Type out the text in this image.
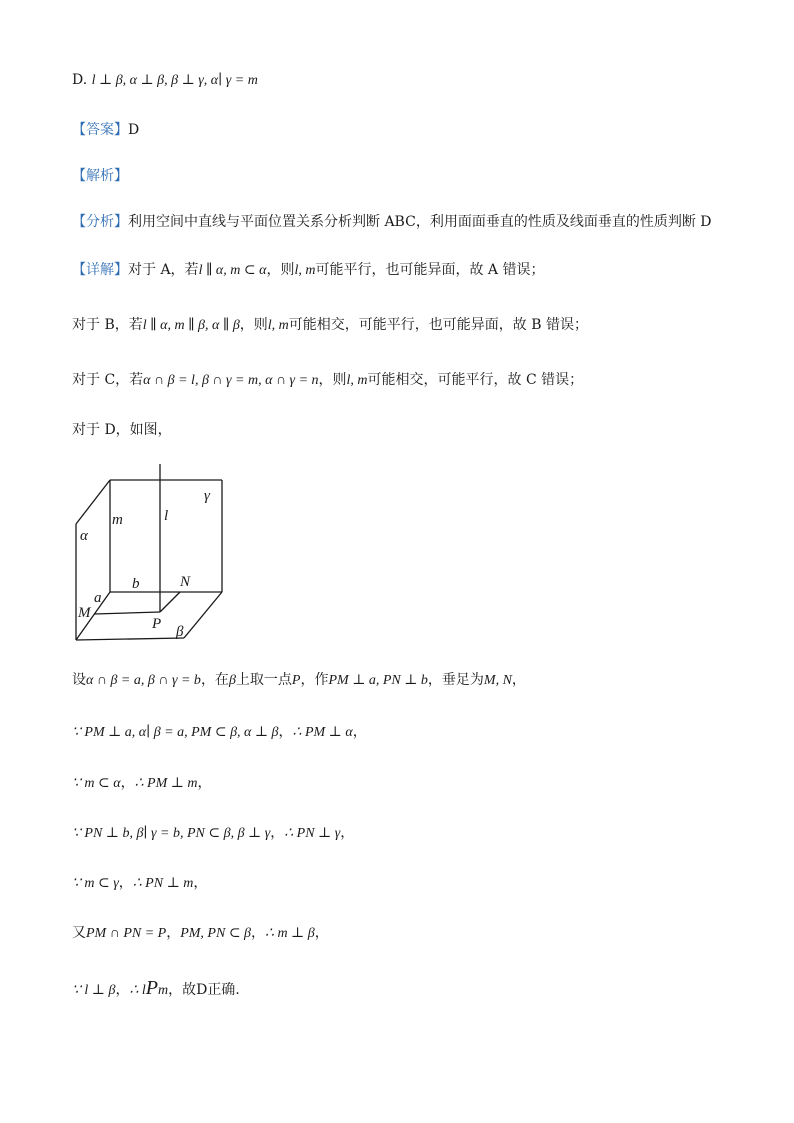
D. l ⊥ β, α ⊥ β, β ⊥ γ, α∣ γ = m
【答案】D
【解析】
【分析】利用空间中直线与平面位置关系分析判断 ABC，利用面面垂直的性质及线面垂直的性质判断 D
【详解】对于 A，若l ∥ α, m ⊂ α，则l, m可能平行，也可能异面，故 A 错误；
对于 B，若l ∥ α, m ∥ β, α ∥ β，则l, m可能相交，可能平行，也可能异面，故 B 错误；
对于 C，若α ∩ β = l, β ∩ γ = m, α ∩ γ = n，则l, m可能相交，可能平行，故 C 错误；
对于 D，如图，
γ
m	l
α
b	N
a
M
P β
设α ∩ β = a, β ∩ γ = b，在β上取一点P，作PM ⊥ a, PN ⊥ b，垂足为M, N，
∵ PM ⊥ a, α∣ β = a, PM ⊂ β, α ⊥ β，∴ PM ⊥ α，
∵ m ⊂ α，∴ PM ⊥ m，
∵ PN ⊥ b, β∣ γ = b, PN ⊂ β, β ⊥ γ，∴ PN ⊥ γ，
∵ m ⊂ γ，∴ PN ⊥ m，
又PM ∩ PN = P，PM, PN ⊂ β，∴ m ⊥ β，
∵ l ⊥ β，∴ lPm，故D正确.
